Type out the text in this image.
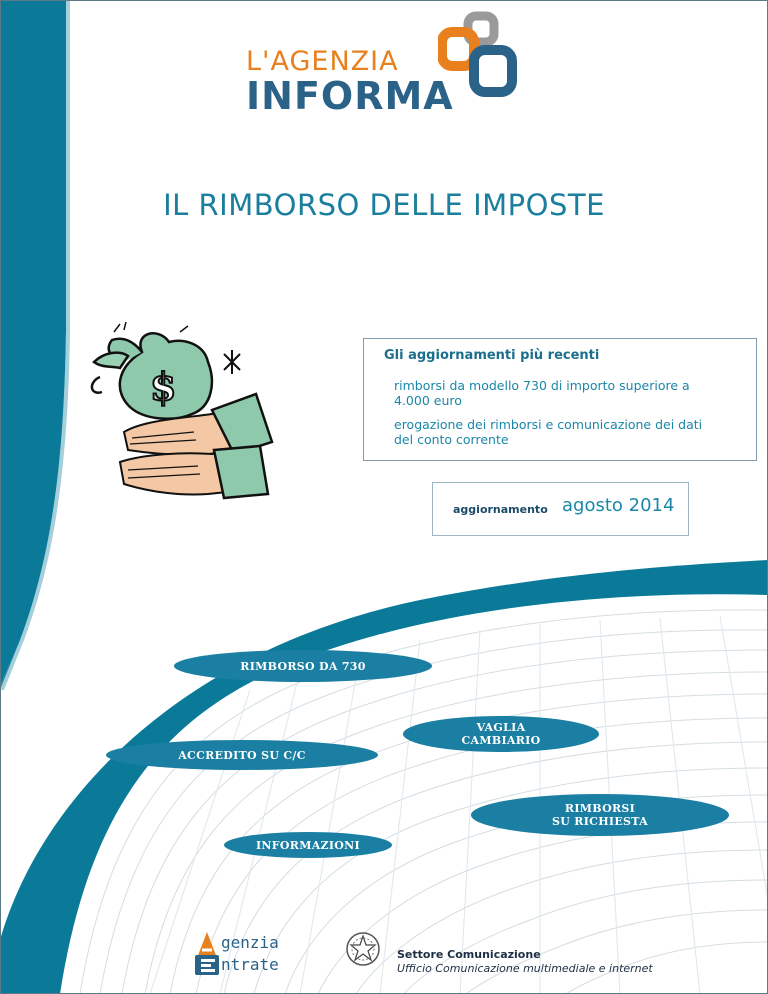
L'AGENZIA
INFORMA
IL RIMBORSO DELLE IMPOSTE
$
Gli aggiornamenti più recenti
rimborsi da modello 730 di importo superiore a 4.000 euro
erogazione dei rimborsi e comunicazione dei dati del conto corrente
aggiornamento agosto 2014
RIMBORSO DA 730
VAGLIA
CAMBIARIO
ACCREDITO SU C/C
RIMBORSI
SU RICHIESTA
INFORMAZIONI
genzia
ntrate
Settore Comunicazione
Ufficio Comunicazione multimediale e internet
